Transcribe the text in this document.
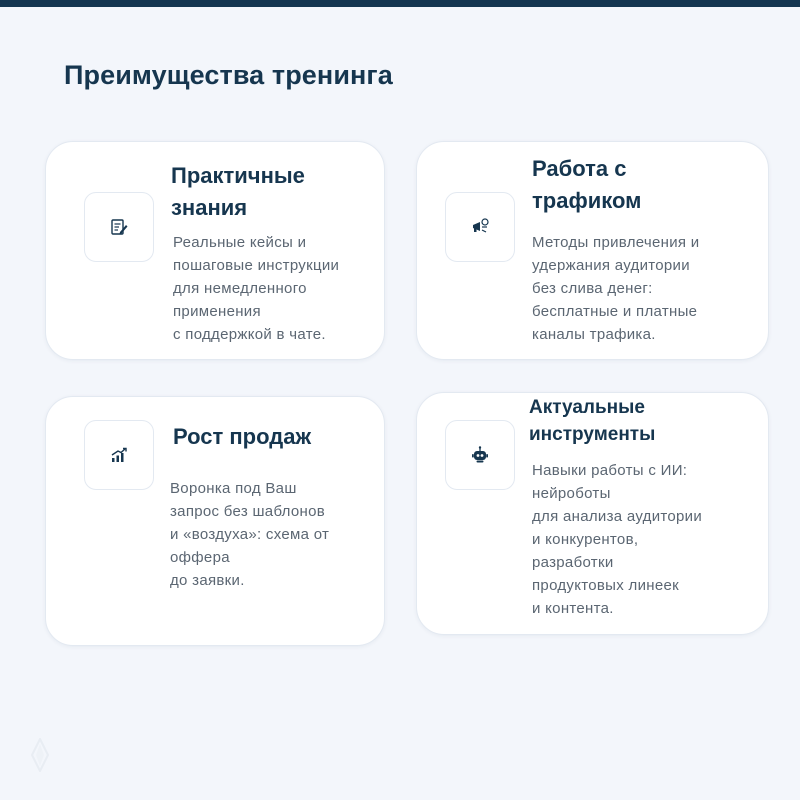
Преимущества тренинга
Практичные
знания
Реальные кейсы и
пошаговые инструкции
для немедленного
применения
с поддержкой в чате.
Работа с
трафиком
Методы привлечения и
удержания аудитории
без слива денег:
бесплатные и платные
каналы трафика.
Рост продаж
Воронка под Ваш
запрос без шаблонов
и «воздуха»: схема от
оффера
до заявки.
Актуальные
инструменты
Навыки работы с ИИ:
нейроботы
для анализа аудитории
и конкурентов,
разработки
продуктовых линеек
и контента.
